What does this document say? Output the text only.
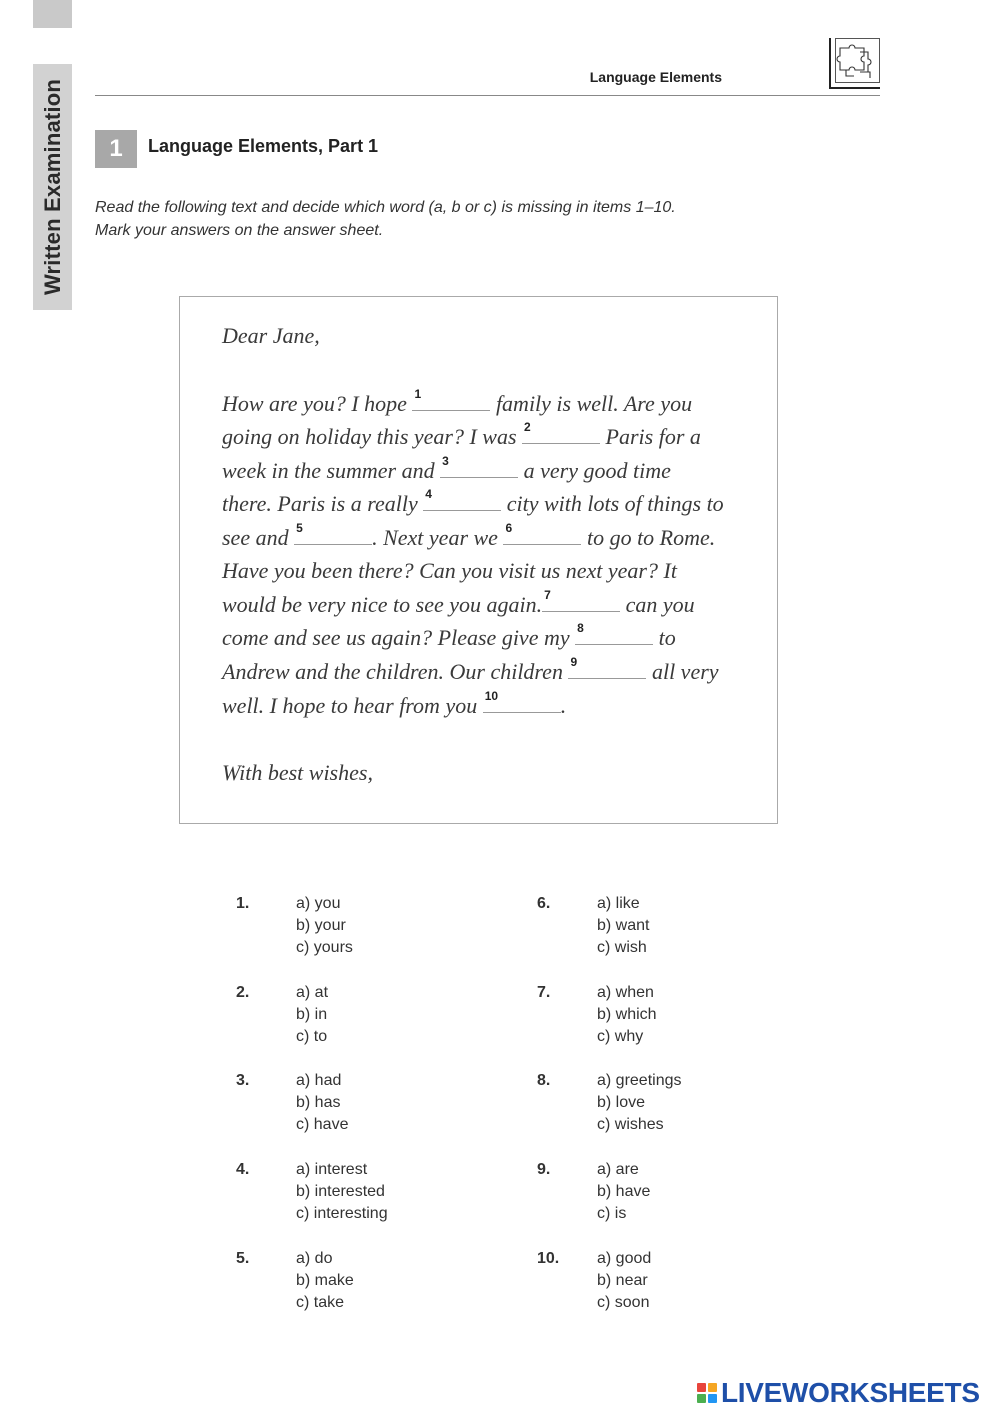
Written Examination
Language Elements
1	Language Elements, Part 1
Read the following text and decide which word (a, b or c) is missing in items 1–10.
Mark your answers on the answer sheet.
Dear Jane,
How are you? I hope 1	family is well. Are you
going on holiday this year? I was 2	Paris for a
week in the summer and 3	a very good time
there. Paris is a really 4	city with lots of things to
see and 5	. Next year we 6	to go to Rome.
Have you been there? Can you visit us next year? It
would be very nice to see you again. 7	can you
come and see us again? Please give my 8	to
Andrew and the children. Our children 9	all very
well. I hope to hear from you 10	.
With best wishes,
1.	a) you
b) your
c) yours
2.	a) at
b) in
c) to
3.	a) had
b) has
c) have
4.	a) interest
b) interested
c) interesting
5.	a) do
b) make
c) take
6.	a) like
b) want
c) wish
7.	a) when
b) which
c) why
8.	a) greetings
b) love
c) wishes
9.	a) are
b) have
c) is
10. a) good
b) near
c) soon
LIVEWORKSHEETS
